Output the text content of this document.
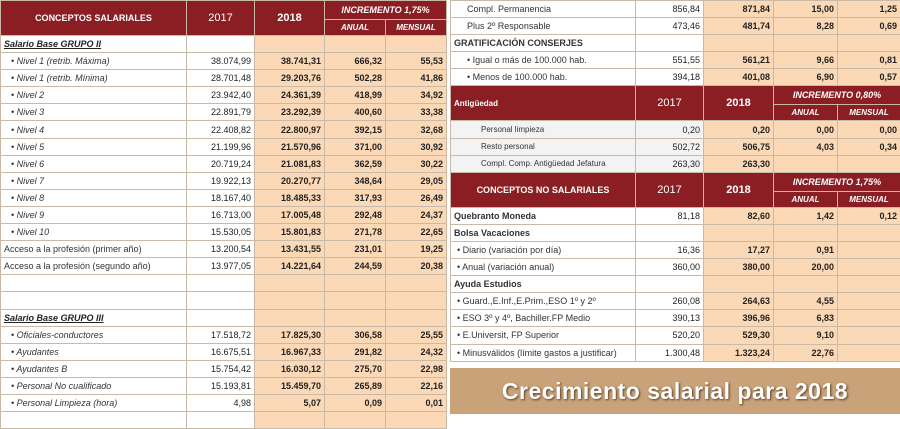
CONCEPTOS SALARIALES	2017	2018	INCREMENTO 1,75%	
			ANUAL	MENSUAL
Salario Base GRUPO II				
• Nivel 1 (retrib. Máxima)	38.074,99	38.741,31	666,32	55,53
• Nivel 1 (retrib. Mínima)	28.701,48	29.203,76	502,28	41,86
• Nivel 2	23.942,40	24.361,39	418,99	34,92
• Nivel 3	22.891,79	23.292,39	400,60	33,38
• Nivel 4	22.408,82	22.800,97	392,15	32,68
• Nivel 5	21.199,96	21.570,96	371,00	30,92
• Nivel 6	20.719,24	21.081,83	362,59	30,22
• Nivel 7	19.922,13	20.270,77	348,64	29,05
• Nivel 8	18.167,40	18.485,33	317,93	26,49
• Nivel 9	16.713,00	17.005,48	292,48	24,37
• Nivel 10	15.530,05	15.801,83	271,78	22,65
Acceso a la profesión (primer año)	13.200,54	13.431,55	231,01	19,25
Acceso a la profesión (segundo año)	13.977,05	14.221,64	244,59	20,38

Salario Base GRUPO III				
• Oficiales-conductores	17.518,72	17.825,30	306,58	25,55
• Ayudantes	16.675,51	16.967,33	291,82	24,32
• Ayudantes B	15.754,42	16.030,12	275,70	22,98
• Personal No cualificado	15.193,81	15.459,70	265,89	22,16
• Personal Limpieza (hora)	4,98	5,07	0,09	0,01

Compl. Permanencia	856,84	871,84	15,00	1,25
Plus 2º Responsable	473,46	481,74	8,28	0,69
GRATIFICACIÓN CONSERJES				
• Igual o más de 100.000 hab.	551,55	561,21	9,66	0,81
• Menos de 100.000 hab.	394,18	401,08	6,90	0,57
Antigüedad	2017	2018	INCREMENTO 0,80%	
			ANUAL	MENSUAL
Personal limpieza	0,20	0,20	0,00	0,00
Resto personal	502,72	506,75	4,03	0,34
Compl. Comp. Antigüedad Jefatura	263,30	263,30		
CONCEPTOS NO SALARIALES	2017	2018	INCREMENTO 1,75%	
			ANUAL	MENSUAL
Quebranto Moneda	81,18	82,60	1,42	0,12
Bolsa Vacaciones				
• Diario (variación por día)	16,36	17,27	0,91	
• Anual (variación anual)	360,00	380,00	20,00	
Ayuda Estudios				
• Guard.,E.Inf.,E.Prim.,ESO 1º y 2º	260,08	264,63	4,55	
• ESO 3º y 4º, Bachiller.FP Medio	390,13	396,96	6,83	
• E.Universit, FP Superior	520,20	529,30	9,10	
• Minusválidos (límite gastos a justificar)	1.300,48	1.323,24	22,76	
Crecimiento salarial para 2018
